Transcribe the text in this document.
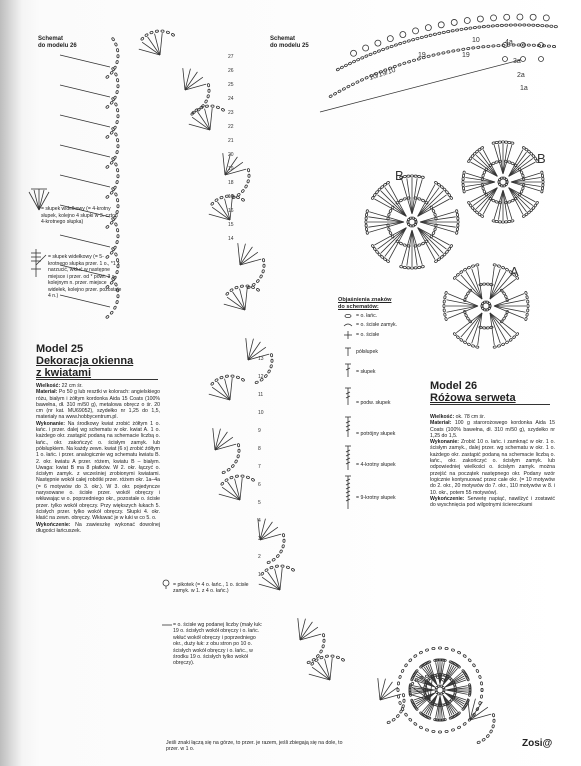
Schemat
do modelu 26
Schemat
do modelu 25
27
26
25
24
23
22
21
20
19
18
17
16
15
14
13
12
11
10
9
8
7
6
5
4
3
2
1
4a
3a
2a
1a
19
19
10
10/19/10
B
B
A
= słupek widełkowy (= 4-krotny słupek, kolejno 4 słupki w 3. czton 4-krotnego słupka)
= słupek widełkowy (= 5-krotnego słupka przer. 1 o., *1 x narzucić, wkłuć w następne miejsce i przer. od * powt. 3 x, kolejnym n. przer. miejsce widełek, kolejno przer. pozostałe 4 n.)
Model 25
Dekoracja okienna
z kwiatami
Wielkość: 22 cm śr.
Materiał: Po 50 g lub resztki w kolorach: angielskiego różu, białym i żółtym kordonka Aida 15 Coats (100% bawełna, dł. 310 m/50 g), metalowa obręcz o śr. 20 cm (nr kat. MU69052), szydełko nr 1,25 do 1,5, materiały na www.hobbycentrum.pl.
Wykonanie: Na środkowy kwiat zrobić żółtym 1 o. łańc. i przer. dalej wg schematu w okr. kwiat A. 1 o. każdego okr. zastąpić podaną na schemacie liczbą o. łańc., okr. zakończyć o. ścisłym zamyk. lub półsłupkiem. Na każdy zewn. kwiat (6 x) zrobić żółtym 1 o. łańc. i przer. analogicznie wg schematu kwiatu B. 2. okr. kwiatu A przer. różem, kwiatu B – białym. Uwaga: kwiat B ma 8 płatków. W 2. okr. łączyć o. ścisłym zamyk. z wcześniej zrobionymi kwiatami. Następnie wokół całej robótki przer. różem okr. 1a–4a (= 6 motywów do 3. okr.). W 3. okr. pojedyncze narysowane o. ścisłe przer. wokół obręczy i wkłuwając w o. poprzedniego okr., pozostałe o. ścisłe przer. tylko wokół obręczy. Przy większych łukach 5. ścisłych przer. tylko wokół obręczy. Słupki 4. okr. kłaść na zewn. obręczy. Wkłuwać je w łuki w co 5. o.
Wykończenie: Na zawieszkę wykonać dowolnej długości łańcuszek.
Objaśnienia znaków
do schematów:
= o. łańc.
= o. ścisłe zamyk.
= o. ścisłe
półsłupek
= słupek
= podw. słupek
= potrójny słupek
= 4-krotny słupek
= 9-krotny słupek
= pikotek (= 4 o. łańc., 1 o. ścisłe zamyk. w 1. z 4 o. łańc.)
= o. ścisłe wg podanej liczby (mały łuk: 19 o. ścisłych wokół obręczy i o. łańc. wkłuć wokół obręczy i poprzedniego okr., duży łuk: z obu stron po 10 o. ścisłych wokół obręczy i o. łańc., w środku 19 o. ścisłych tylko wokół obręczy).
Jeśli znaki łączą się na górze, to przer. je razem, jeśli zbiegają się na dole, to przer. w 1 o.
Model 26
Różowa serweta
Wielkość: ok. 78 cm śr.
Materiał: 100 g starorożowego kordonka Aida 15 Coats (100% bawełna, dł. 310 m/50 g), szydełko nr 1,25 do 1,5.
Wykonanie: Zrobić 10 o. łańc. i zamknąć w okr. 1 o. ścisłym zamyk., dalej przer. wg schematu w okr. 1 o. każdego okr. zastąpić podaną na schemacie liczbą o. łańc., okr. zakończyć o. ścisłym zamyk. lub odpowiedniej wielkości o. ścisłym zamyk. można przejść na początek następnego okr. Podany wzór logicznie kontynuować przez całe okr. (= 10 motywów do 2. okr., 20 motywów do 7. okr., 110 motywów w 8. i 10. okr., potem 55 motywów).
Wykończenie: Serwetę napiąć, nawilżyć i zostawić do wyschnięcia pod wilgotnymi ściereczkami
Zosi@
